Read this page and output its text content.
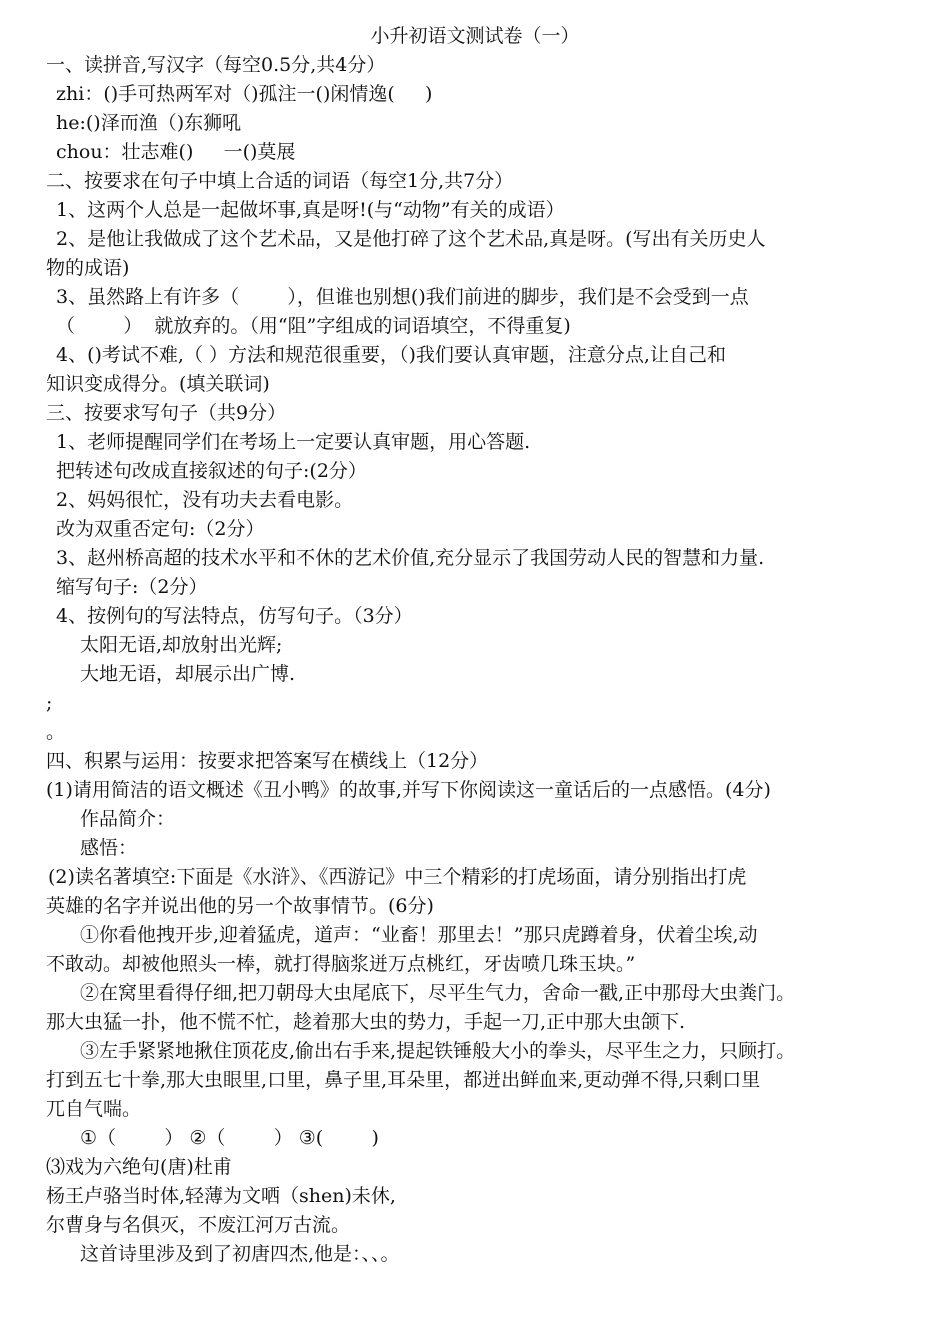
小升初语文测试卷（一）
一、读拼音,写汉字（每空0.5分,共4分）
zhi：()手可热两军对（)孤注一()闲情逸(     )
he:()泽而渔（)东狮吼
chou：壮志难()     一()莫展
二、按要求在句子中填上合适的词语（每空1分,共7分）
1、这两个人总是一起做坏事,真是呀!(与“动物”有关的成语）
2、是他让我做成了这个艺术品，又是他打碎了这个艺术品,真是呀。(写出有关历史人
物的成语)
3、虽然路上有许多（        ），但谁也别想()我们前进的脚步，我们是不会受到一点
（        ）  就放弃的。（用“阻”字组成的词语填空，不得重复)
4、()考试不难,（ ）方法和规范很重要，（)我们要认真审题，注意分点,让自己和
知识变成得分。(填关联词)
三、按要求写句子（共9分）
1、老师提醒同学们在考场上一定要认真审题，用心答题.
把转述句改成直接叙述的句子:(2分）
2、妈妈很忙，没有功夫去看电影。
改为双重否定句:（2分）
3、赵州桥高超的技术水平和不休的艺术价值,充分显示了我国劳动人民的智慧和力量.
缩写句子:（2分）
4、按例句的写法特点，仿写句子。（3分）
太阳无语,却放射出光辉;
大地无语，却展示出广博.
;
。
四、积累与运用：按要求把答案写在横线上（12分）
(1)请用简洁的语文概述《丑小鸭》的故事,并写下你阅读这一童话后的一点感悟。(4分)
作品简介：
感悟：
(2)读名著填空:下面是《水浒》、《西游记》中三个精彩的打虎场面，请分别指出打虎
英雄的名字并说出他的另一个故事情节。(6分)
①你看他拽开步,迎着猛虎，道声：“业畜！那里去！”那只虎蹲着身，伏着尘埃,动
不敢动。却被他照头一棒，就打得脑浆迸万点桃红，牙齿喷几珠玉块。”
②在窝里看得仔细,把刀朝母大虫尾底下，尽平生气力，舍命一戳,正中那母大虫粪门。
那大虫猛一扑，他不慌不忙，趁着那大虫的势力，手起一刀,正中那大虫颌下.
③左手紧紧地揪住顶花皮,偷出右手来,提起铁锤般大小的拳头，尽平生之力，只顾打。
打到五七十拳,那大虫眼里,口里，鼻子里,耳朵里，都迸出鲜血来,更动弹不得,只剩口里
兀自气喘。
①（        ） ②（        ） ③(        )
⑶戏为六绝句(唐)杜甫
杨王卢骆当时体,轻薄为文哂（shen)未休,
尔曹身与名俱灭，不废江河万古流。
这首诗里涉及到了初唐四杰,他是：、、。
